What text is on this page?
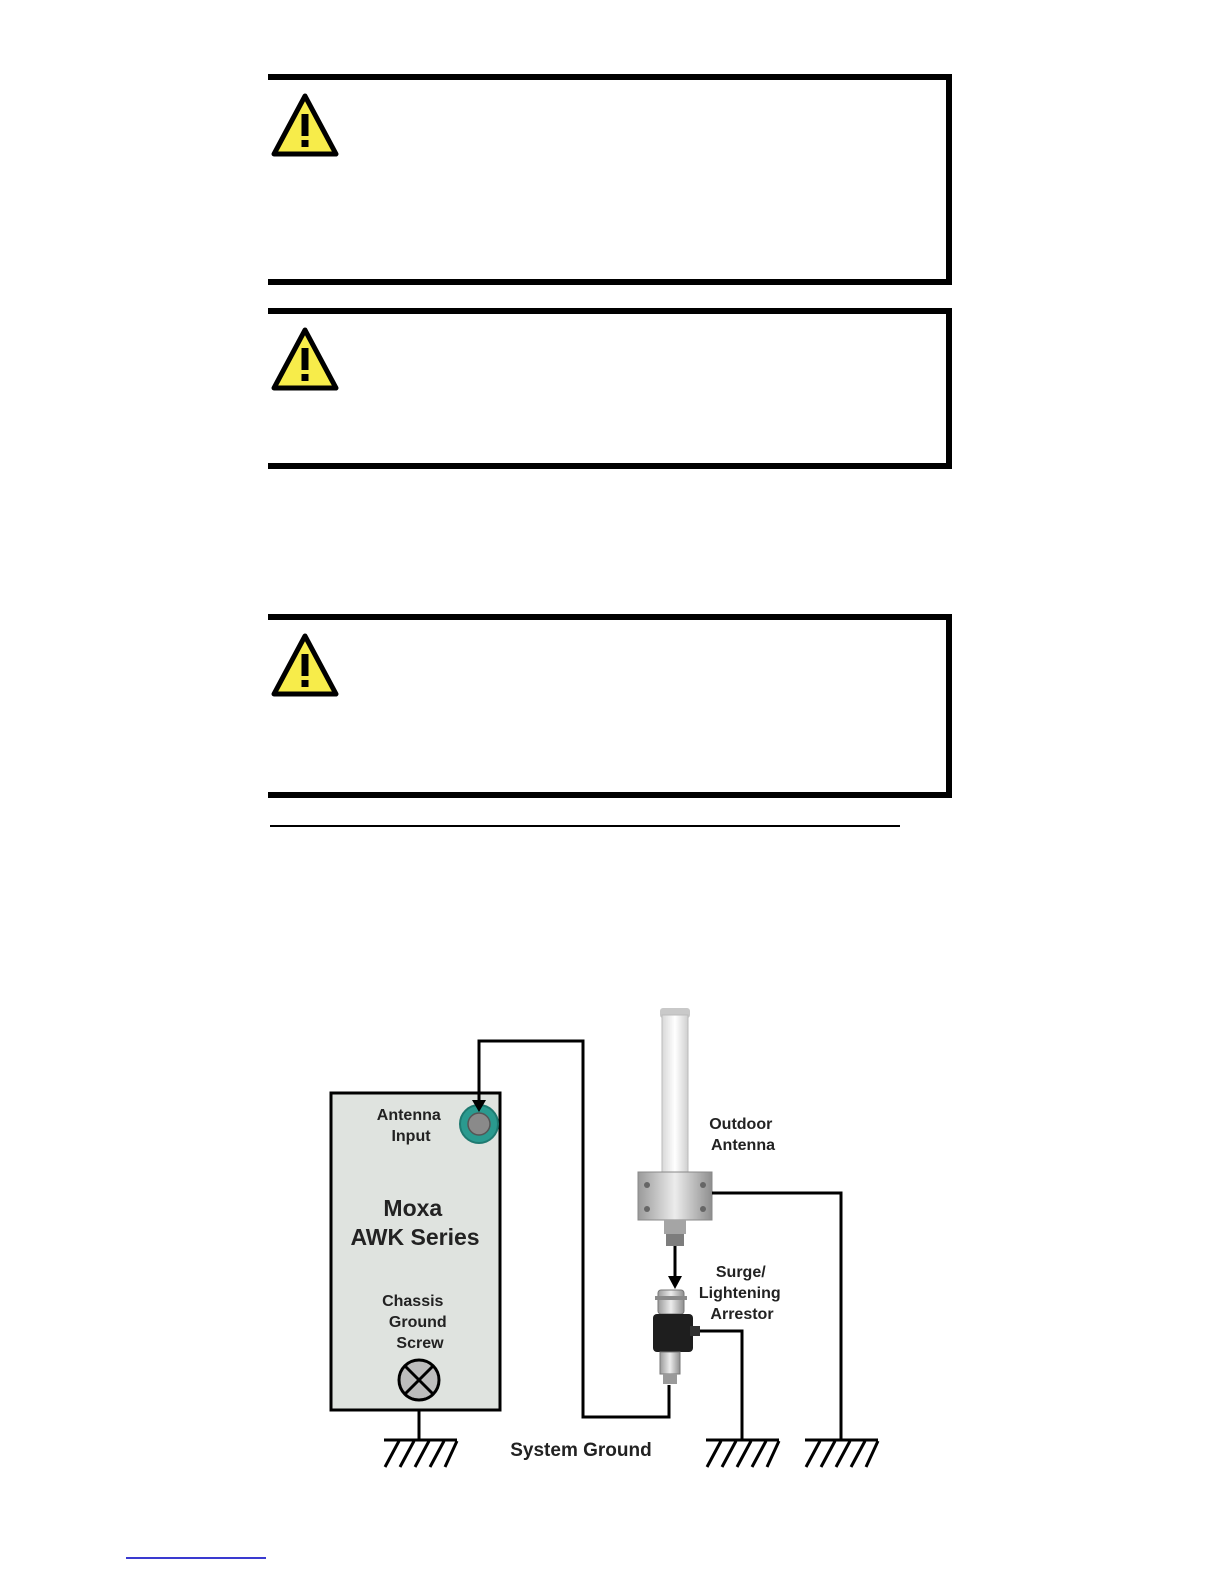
Antenna Input
Moxa AWK Series
Chassis Ground Screw
Outdoor Antenna
Surge/ Lightening Arrestor
System Ground
